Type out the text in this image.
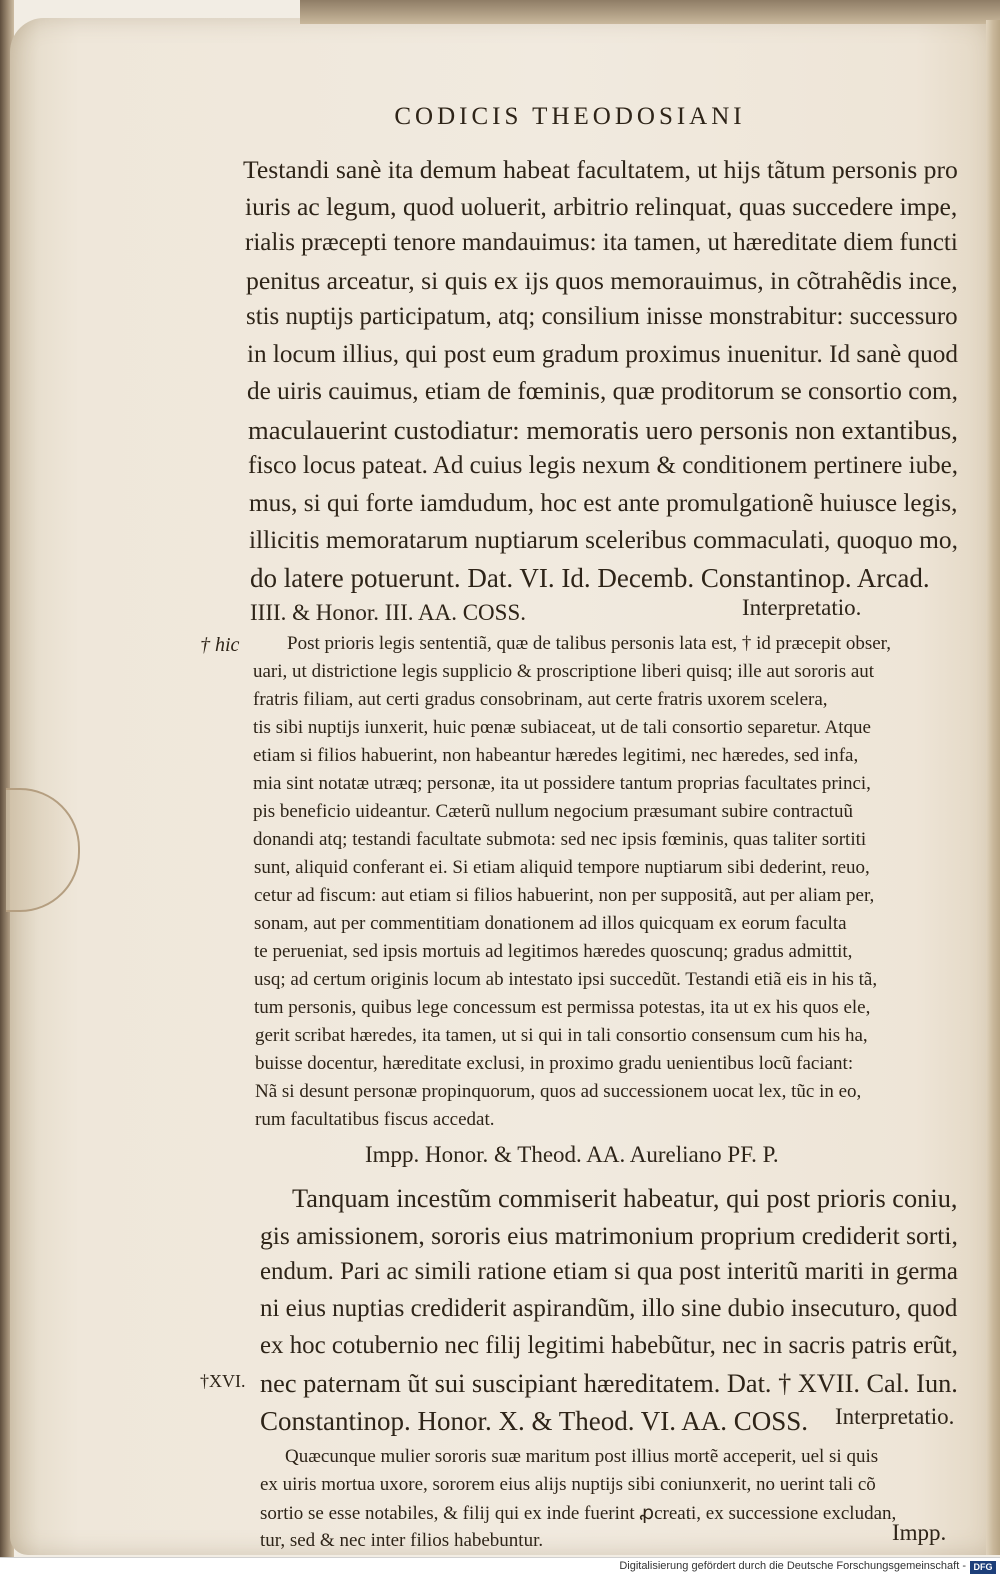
CODICIS THEODOSIANI
Testandi sanè ita demum habeat facultatem, ut hijs tãtum personis pro
iuris ac legum, quod uoluerit, arbitrio relinquat, quas succedere impe,
rialis præcepti tenore mandauimus: ita tamen, ut hæreditate diem functi
penitus arceatur, si quis ex ijs quos memorauimus, in cõtrahẽdis ince,
stis nuptijs participatum, atq; consilium inisse monstrabitur: successuro
in locum illius, qui post eum gradum proximus inuenitur. Id sanè quod
de uiris cauimus, etiam de fœminis, quæ proditorum se consortio com,
maculauerint custodiatur: memoratis uero personis non extantibus,
fisco locus pateat. Ad cuius legis nexum & conditionem pertinere iube,
mus, si qui forte iamdudum, hoc est ante promulgationẽ huiusce legis,
illicitis memoratarum nuptiarum sceleribus commaculati, quoquo mo,
do latere potuerunt. Dat. VI. Id. Decemb. Constantinop. Arcad.
IIII. & Honor. III. AA. COSS.	Interpretatio.
† hic	Post prioris legis sententiã, quæ de talibus personis lata est, † id præcepit obser,
uari, ut districtione legis supplicio & proscriptione liberi quisq; ille aut sororis aut
fratris filiam, aut certi gradus consobrinam, aut certe fratris uxorem scelera,
tis sibi nuptijs iunxerit, huic pœnæ subiaceat, ut de tali consortio separetur. Atque
etiam si filios habuerint, non habeantur hæredes legitimi, nec hæredes, sed infa,
mia sint notatæ utræq; personæ, ita ut possidere tantum proprias facultates princi,
pis beneficio uideantur. Cæterũ nullum negocium præsumant subire contractuũ
donandi atq; testandi facultate submota: sed nec ipsis fœminis, quas taliter sortiti
sunt, aliquid conferant ei. Si etiam aliquid tempore nuptiarum sibi dederint, reuo,
cetur ad fiscum: aut etiam si filios habuerint, non per suppositã, aut per aliam per,
sonam, aut per commentitiam donationem ad illos quicquam ex eorum faculta
te perueniat, sed ipsis mortuis ad legitimos hæredes quoscunq; gradus admittit,
usq; ad certum originis locum ab intestato ipsi succedũt. Testandi etiã eis in his tã,
tum personis, quibus lege concessum est permissa potestas, ita ut ex his quos ele,
gerit scribat hæredes, ita tamen, ut si qui in tali consortio consensum cum his ha,
buisse docentur, hæreditate exclusi, in proximo gradu uenientibus locũ faciant:
Nã si desunt personæ propinquorum, quos ad successionem uocat lex, tũc in eo,
rum facultatibus fiscus accedat.
Impp. Honor. & Theod. AA. Aureliano PF. P.
Tanquam incestũm commiserit habeatur, qui post prioris coniu,
gis amissionem, sororis eius matrimonium proprium crediderit sorti,
endum. Pari ac simili ratione etiam si qua post interitũ mariti in germa
ni eius nuptias crediderit aspirandũm, illo sine dubio insecuturo, quod
ex hoc cotubernio nec filij legitimi habebũtur, nec in sacris patris erũt,
†XVI. nec paternam ũt sui suscipiant hæreditatem. Dat. † XVII. Cal. Iun.
Constantinop. Honor. X. & Theod. VI. AA. COSS. Interpretatio.
Quæcunque mulier sororis suæ maritum post illius mortẽ acceperit, uel si quis
ex uiris mortua uxore, sororem eius alijs nuptijs sibi coniunxerit, no uerint tali cõ
sortio se esse notabiles, & filij qui ex inde fuerint ꝓcreati, ex successione excludan,
tur, sed & nec inter filios habebuntur.	Impp.
Digitalisierung gefördert durch die Deutsche Forschungsgemeinschaft - DFG
